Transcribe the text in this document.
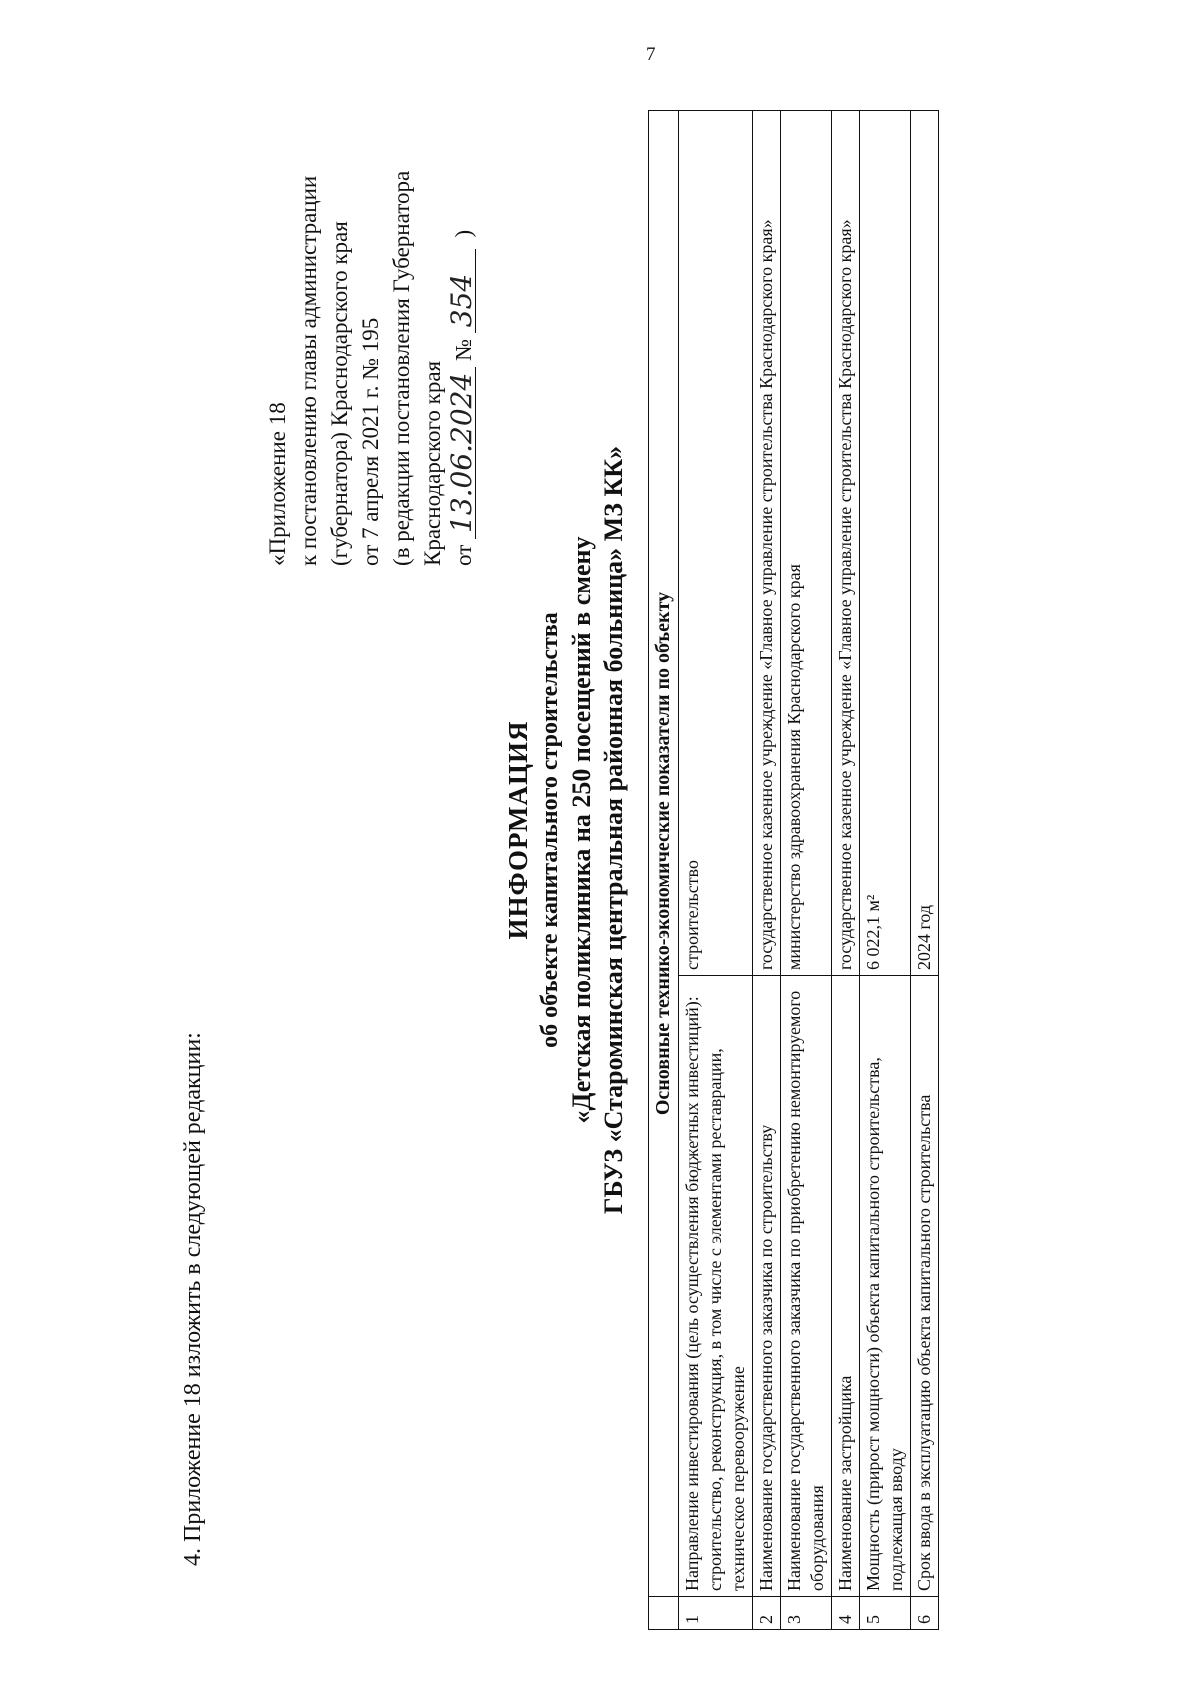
7
4. Приложение 18 изложить в следующей редакции:
«Приложение 18 к постановлению главы администрации (губернатора) Краснодарского края от 7 апреля 2021 г. № 195 (в редакции постановления Губернатора Краснодарского края от 13.06.2024 № 354 )
ИНФОРМАЦИЯ об объекте капитального строительства «Детская поликлиника на 250 посещений в смену ГБУЗ «Староминская центральная районная больница» МЗ КК»
	Основные технико-экономические показатели по объекту	
1	Направление инвестирования (цель осуществления бюджетных инвестиций): строительство, реконструкция, в том числе с элементами реставрации, техническое перевооружение	строительство
2	Наименование государственного заказчика по строительству	государственное казенное учреждение «Главное управление строительства Краснодарского края»
3	Наименование государственного заказчика по приобретению немонтируемого оборудования	министерство здравоохранения Краснодарского края
4	Наименование застройщика	государственное казенное учреждение «Главное управление строительства Краснодарского края»
5	Мощность (прирост мощности) объекта капитального строительства, подлежащая вводу	6 022,1 м²
6	Срок ввода в эксплуатацию объекта капитального строительства	2024 год
